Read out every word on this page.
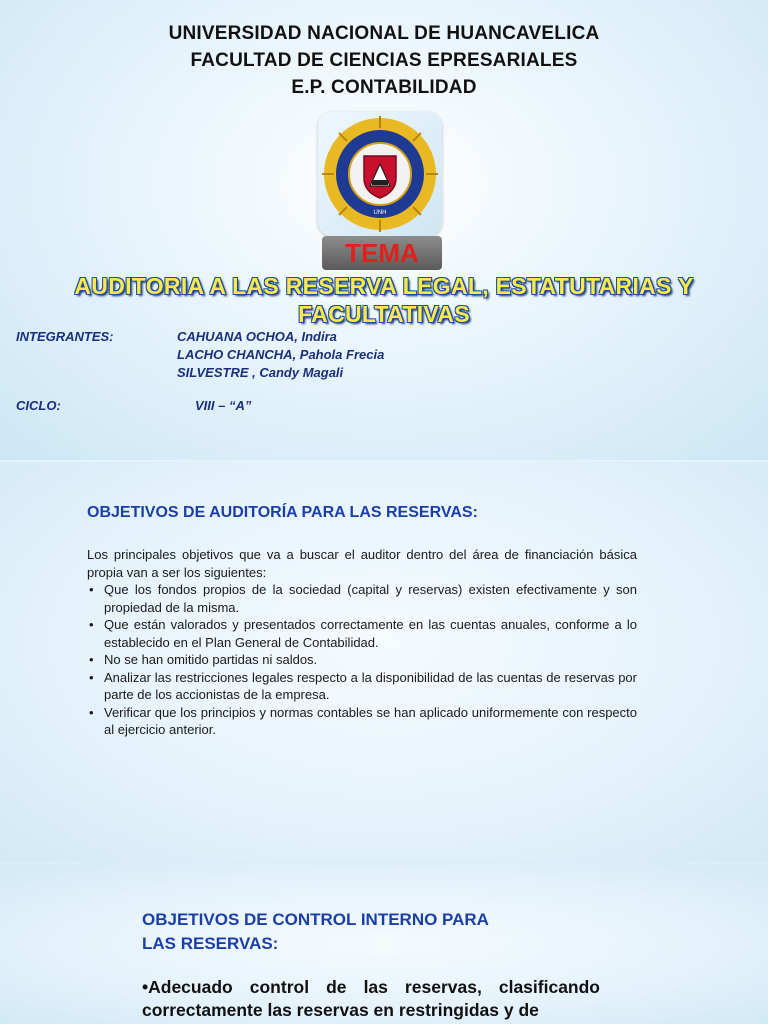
UNIVERSIDAD NACIONAL DE HUANCAVELICA
FACULTAD DE CIENCIAS EPRESARIALES
E.P. CONTABILIDAD
UNH
TEMA
AUDITORIA A LAS RESERVA LEGAL, ESTATUTARIAS Y FACULTATIVAS
INTEGRANTES:	CAHUANA OCHOA, Indira
LACHO CHANCHA, Pahola Frecia
SILVESTRE , Candy Magali
CICLO:	VIII – “A”
OBJETIVOS DE AUDITORÍA PARA LAS RESERVAS:
Los principales objetivos que va a buscar el auditor dentro del área de financiación básica propia van a ser los siguientes:
• Que los fondos propios de la sociedad (capital y reservas) existen efectivamente y son propiedad de la misma.
• Que están valorados y presentados correctamente en las cuentas anuales, conforme a lo establecido en el Plan General de Contabilidad.
• No se han omitido partidas ni saldos.
• Analizar las restricciones legales respecto a la disponibilidad de las cuentas de reservas por parte de los accionistas de la empresa.
• Verificar que los principios y normas contables se han aplicado uniformemente con respecto al ejercicio anterior.
OBJETIVOS DE CONTROL INTERNO PARA
LAS RESERVAS:
•Adecuado control de las reservas, clasificando correctamente las reservas en restringidas y de
